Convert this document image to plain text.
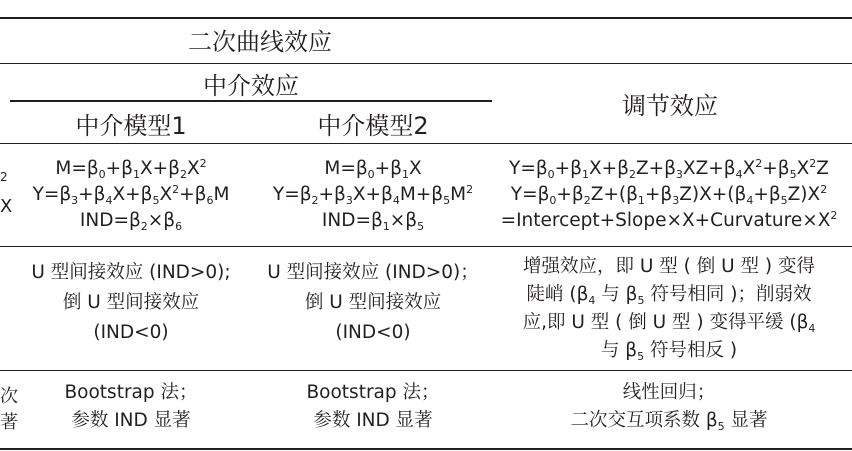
二次曲线效应
中介效应
中介模型1	中介模型2
调节效应
2
X
次
著
$M=\beta_0+\beta_1X+\beta_2X^2$
$Y=\beta_3+\beta_4X+\beta_5X^2+\beta_6M$
$IND=\beta_2\times\beta_6$
$M=\beta_0+\beta_1X$
$Y=\beta_2+\beta_3X+\beta_4M+\beta_5M^2$
$IND=\beta_1\times\beta_5$
$Y=\beta_0+\beta_1X+\beta_2Z+\beta_3XZ+\beta_4X^2+\beta_5X^2Z$
$Y=\beta_0+\beta_2Z+(\beta_1+\beta_3Z)X+(\beta_4+\beta_5Z)X^2$
$=Intercept+Slope\times X+Curvature\times X^2$
U 型间接效应 (IND>0);
倒 U 型间接效应
(IND<0)
U 型间接效应 (IND>0)；
倒 U 型间接效应
(IND<0)
增强效应，即 U 型 ( 倒 U 型 ) 变得
陡峭 ($\beta_4$ 与 $\beta_5$ 符号相同 )；削弱效
应,即 U 型 ( 倒 U 型 ) 变得平缓 ($\beta_4$
与 $\beta_5$ 符号相反 )
Bootstrap 法；
参数 IND 显著
Bootstrap 法；
参数 IND 显著
线性回归；
二次交互项系数 $\beta_5$ 显著
